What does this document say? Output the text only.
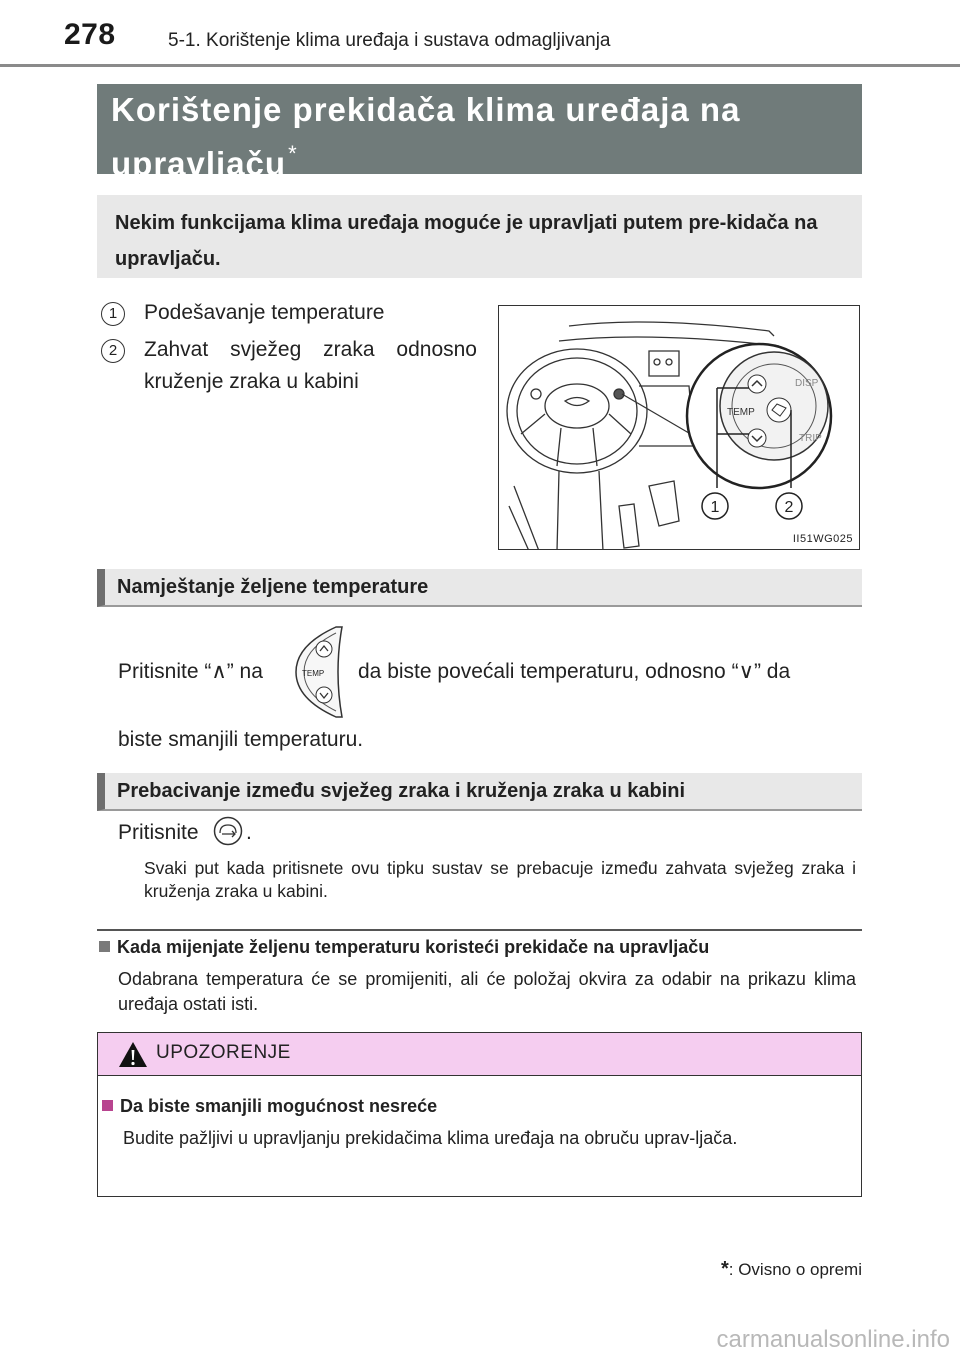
278	5-1. Korištenje klima uređaja i sustava odmagljivanja
Korištenje prekidača klima uređaja na upravljaču*
Nekim funkcijama klima uređaja moguće je upravljati putem pre-kidača na upravljaču.
1	Podešavanje temperature
2	Zahvat svježeg zraka odnosno kruženje zraka u kabini
TEMP
DISP
TRIP
1	2
II51WG025
Namještanje željene temperature
Pritisnite “∧” na	TEMP da biste povećali temperaturu, odnosno “∨” da
biste smanjili temperaturu.
Prebacivanje između svježeg zraka i kruženja zraka u kabini
Pritisnite .
Svaki put kada pritisnete ovu tipku sustav se prebacuje između zahvata svježeg zraka i kruženja zraka u kabini.
Kada mijenjate željenu temperaturu koristeći prekidače na upravljaču
Odabrana temperatura će se promijeniti, ali će položaj okvira za odabir na prikazu klima uređaja ostati isti.
UPOZORENJE
Da biste smanjili mogućnost nesreće
Budite pažljivi u upravljanju prekidačima klima uređaja na obruču uprav-ljača.
*: Ovisno o opremi
carmanualsonline.info
